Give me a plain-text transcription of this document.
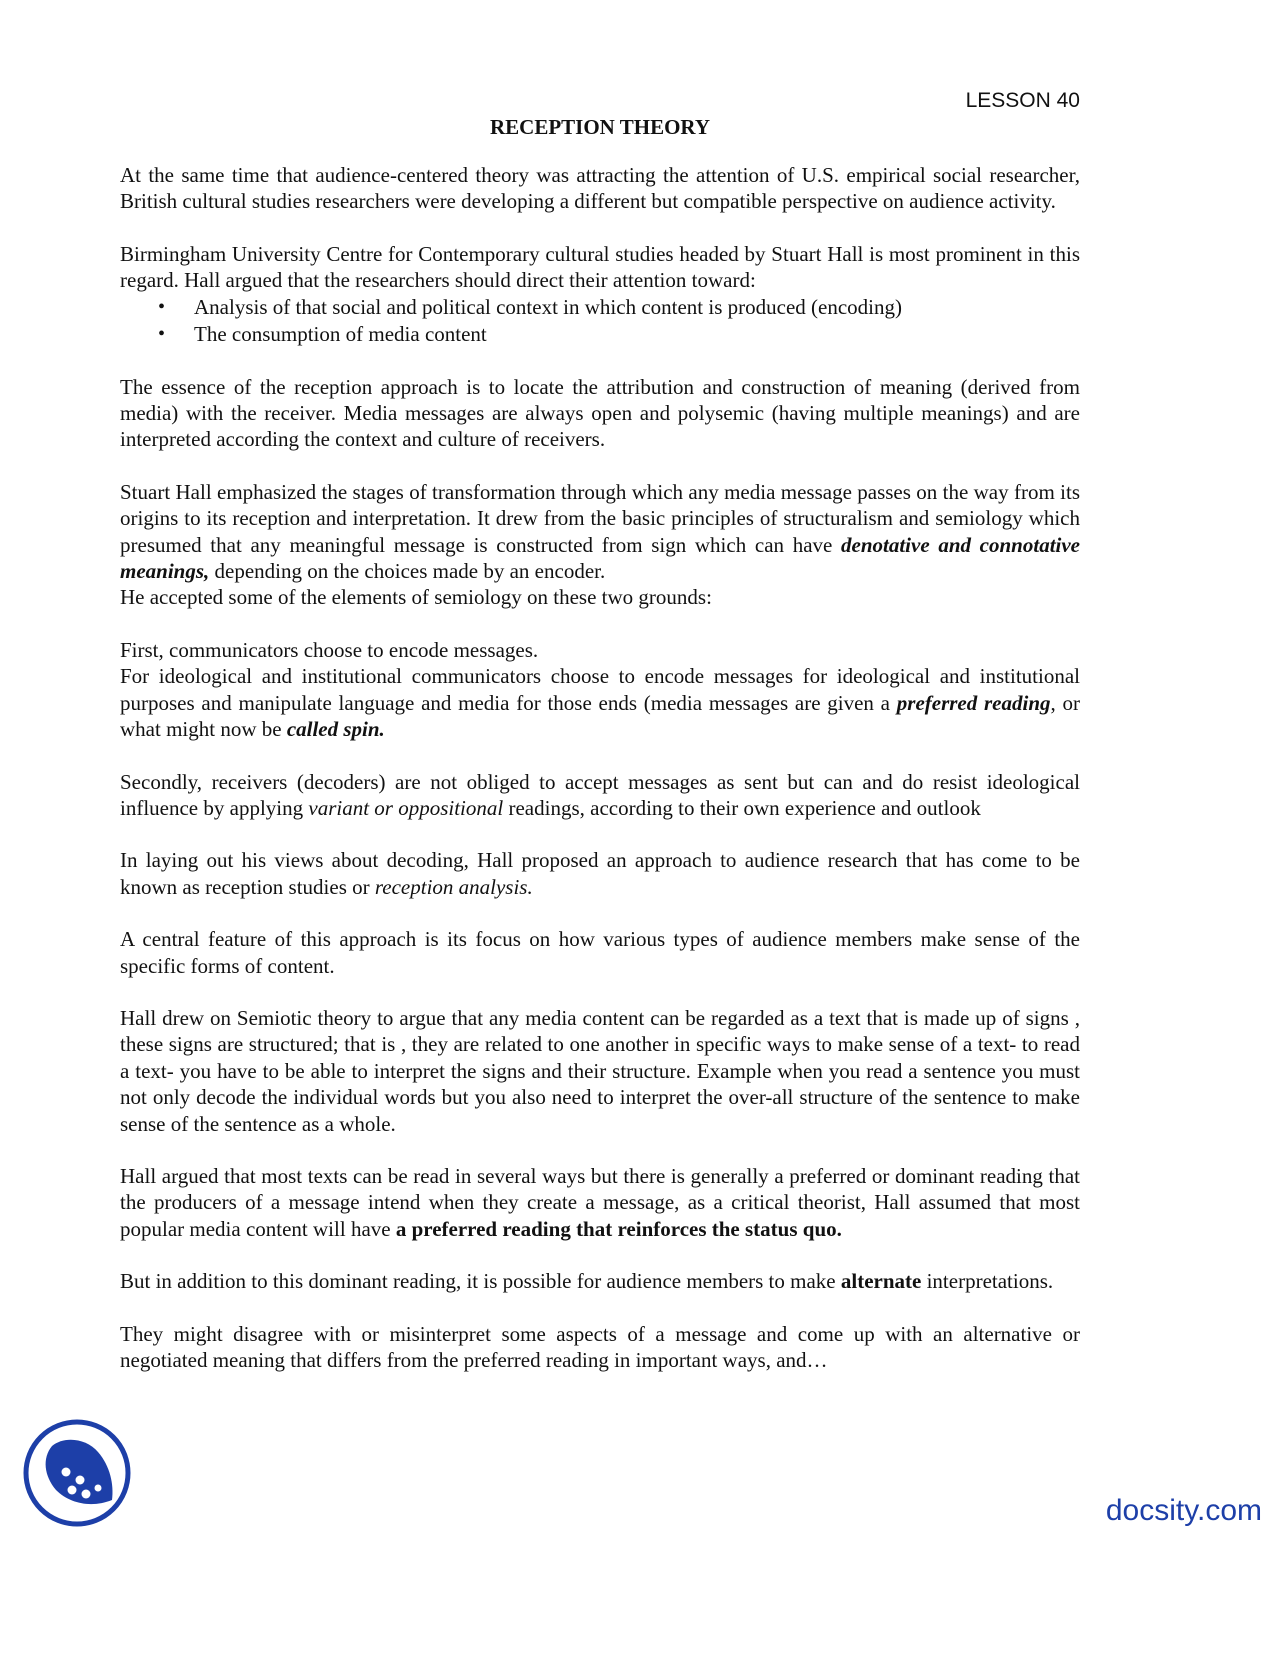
LESSON 40
RECEPTION THEORY

At the same time that audience-centered theory was attracting the attention of U.S. empirical social researcher, British cultural studies researchers were developing a different but compatible perspective on audience activity.

Birmingham University Centre for Contemporary cultural studies headed by Stuart Hall is most prominent in this regard. Hall argued that the researchers should direct their attention toward:

• Analysis of that social and political context in which content is produced (encoding)
• The consumption of media content

The essence of the reception approach is to locate the attribution and construction of meaning (derived from media) with the receiver. Media messages are always open and polysemic (having multiple meanings) and are interpreted according the context and culture of receivers.

Stuart Hall emphasized the stages of transformation through which any media message passes on the way from its origins to its reception and interpretation. It drew from the basic principles of structuralism and semiology which presumed that any meaningful message is constructed from sign which can have denotative and connotative meanings, depending on the choices made by an encoder.

He accepted some of the elements of semiology on these two grounds:

First, communicators choose to encode messages.

For ideological and institutional communicators choose to encode messages for ideological and institutional purposes and manipulate language and media for those ends (media messages are given a preferred reading, or what might now be called spin.

Secondly, receivers (decoders) are not obliged to accept messages as sent but can and do resist ideological influence by applying variant or oppositional readings, according to their own experience and outlook

In laying out his views about decoding, Hall proposed an approach to audience research that has come to be known as reception studies or reception analysis.

A central feature of this approach is its focus on how various types of audience members make sense of the specific forms of content.

Hall drew on Semiotic theory to argue that any media content can be regarded as a text that is made up of signs , these signs are structured; that is , they are related to one another in specific ways to make sense of a text- to read a text- you have to be able to interpret the signs and their structure. Example when you read a sentence you must not only decode the individual words but you also need to interpret the over-all structure of the sentence to make sense of the sentence as a whole.

Hall argued that most texts can be read in several ways but there is generally a preferred or dominant reading that the producers of a message intend when they create a message, as a critical theorist, Hall assumed that most popular media content will have a preferred reading that reinforces the status quo.

But in addition to this dominant reading, it is possible for audience members to make alternate interpretations.

They might disagree with or misinterpret some aspects of a message and come up with an alternative or negotiated meaning that differs from the preferred reading in important ways, and…

docsity.com
